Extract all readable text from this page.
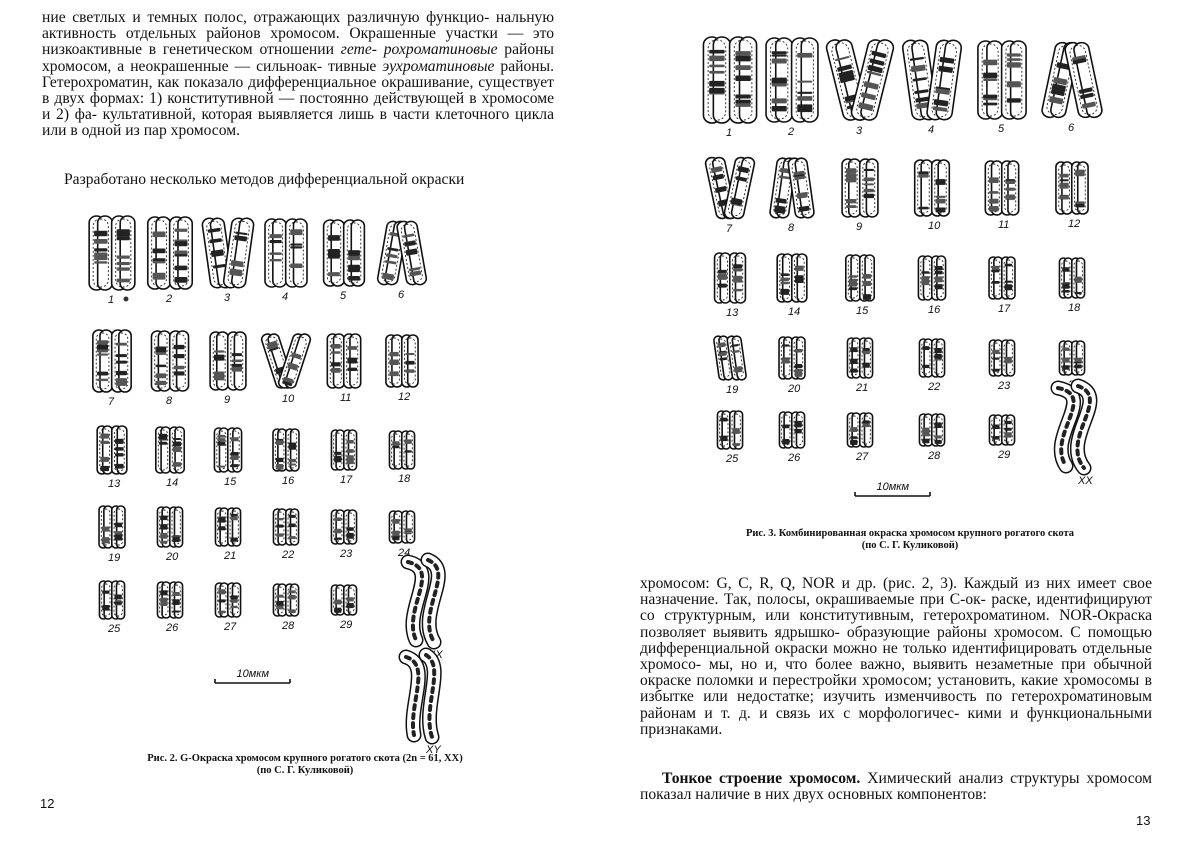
ние светлых и темных полос, отражающих различную функцио- нальную активность отдельных районов хромосом. Окрашенные участки — это низкоактивные в генетическом отношении гете- рохроматиновые районы хромосом, а неокрашенные — сильноак- тивные эухроматиновые районы. Гетерохроматин, как показало дифференциальное окрашивание, существует в двух формах: 1) конститутивной — постоянно действующей в хромосоме и 2) фа- культативной, которая выявляется лишь в части клеточного цикла или в одной из пар хромосом.

Разработано несколько методов дифференциальной окраски

1	2	3	4	5	6
7	8	9	10	11	12
13	14	15	16	17	18
19	20	21	22	23	24
25	26	27	28	29
XX
XY
10мкм

Рис. 2. G-Окраска хромосом крупного рогатого скота (2n = 61, XX)
(по С. Г. Куликовой)

12
1	2	3	4	5	6
7	8	9	10	11	12
13	14	15	16	17	18
19	20	21	22	23	24
25	26	27	28	29
XX
10мкм

Рис. 3. Комбинированная окраска хромосом крупного рогатого скота
(по С. Г. Куликовой)

хромосом: G, C, R, Q, NOR и др. (рис. 2, 3). Каждый из них имеет свое назначение. Так, полосы, окрашиваемые при C-ок- раске, идентифицируют со структурным, или конститутивным, гетерохроматином. NOR-Окраска позволяет выявить ядрышко- образующие районы хромосом. С помощью дифференциальной окраски можно не только идентифицировать отдельные хромосо- мы, но и, что более важно, выявить незаметные при обычной окраске поломки и перестройки хромосом; установить, какие хромосомы в избытке или недостатке; изучить изменчивость по гетерохроматиновым районам и т. д. и связь их с морфологичес- кими и функциональными признаками.

Тонкое строение хромосом. Химический анализ структуры хромосом показал наличие в них двух основных компонентов:

13
